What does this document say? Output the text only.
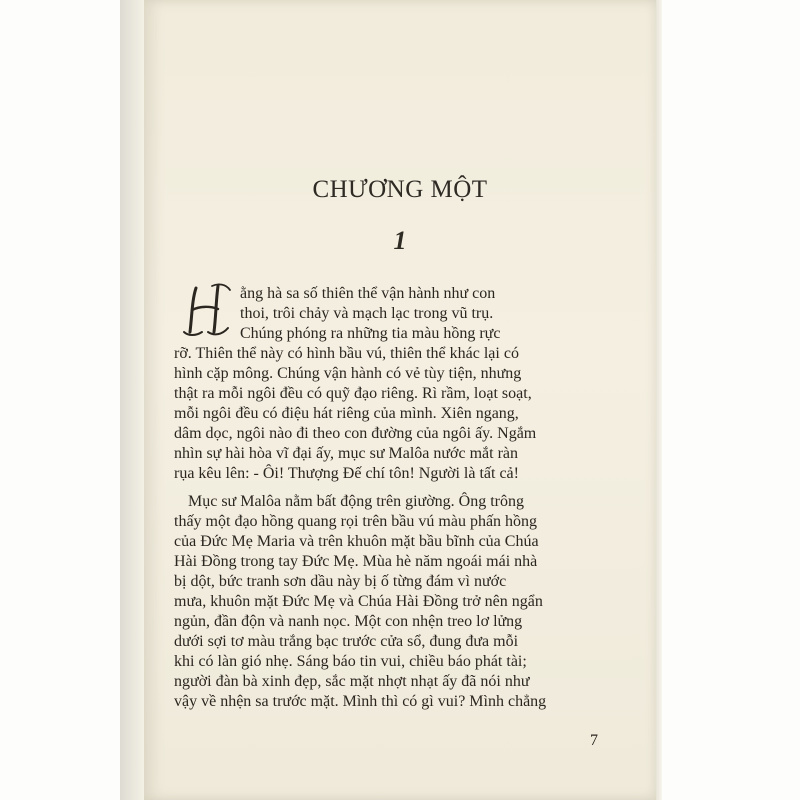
CHƯƠNG MỘT
1
ằng hà sa số thiên thể vận hành như con
thoi, trôi chảy và mạch lạc trong vũ trụ.
Chúng phóng ra những tia màu hồng rực
rỡ. Thiên thể này có hình bầu vú, thiên thể khác lại có
hình cặp mông. Chúng vận hành có vẻ tùy tiện, nhưng
thật ra mỗi ngôi đều có quỹ đạo riêng. Rì rầm, loạt soạt,
mỗi ngôi đều có điệu hát riêng của mình. Xiên ngang,
dâm dọc, ngôi nào đi theo con đường của ngôi ấy. Ngắm
nhìn sự hài hòa vĩ đại ấy, mục sư Malôa nước mắt ràn
rụa kêu lên: - Ôi! Thượng Đế chí tôn! Người là tất cả!
Mục sư Malôa nằm bất động trên giường. Ông trông
thấy một đạo hồng quang rọi trên bầu vú màu phấn hồng
của Đức Mẹ Maria và trên khuôn mặt bầu bĩnh của Chúa
Hài Đồng trong tay Đức Mẹ. Mùa hè năm ngoái mái nhà
bị dột, bức tranh sơn dầu này bị ố từng đám vì nước
mưa, khuôn mặt Đức Mẹ và Chúa Hài Đồng trở nên ngẩn
ngủn, đần độn và nanh nọc. Một con nhện treo lơ lửng
dưới sợi tơ màu trắng bạc trước cửa sổ, đung đưa mỗi
khi có làn gió nhẹ. Sáng báo tin vui, chiều báo phát tài;
người đàn bà xinh đẹp, sắc mặt nhợt nhạt ấy đã nói như
vậy về nhện sa trước mặt. Mình thì có gì vui? Mình chẳng
7
